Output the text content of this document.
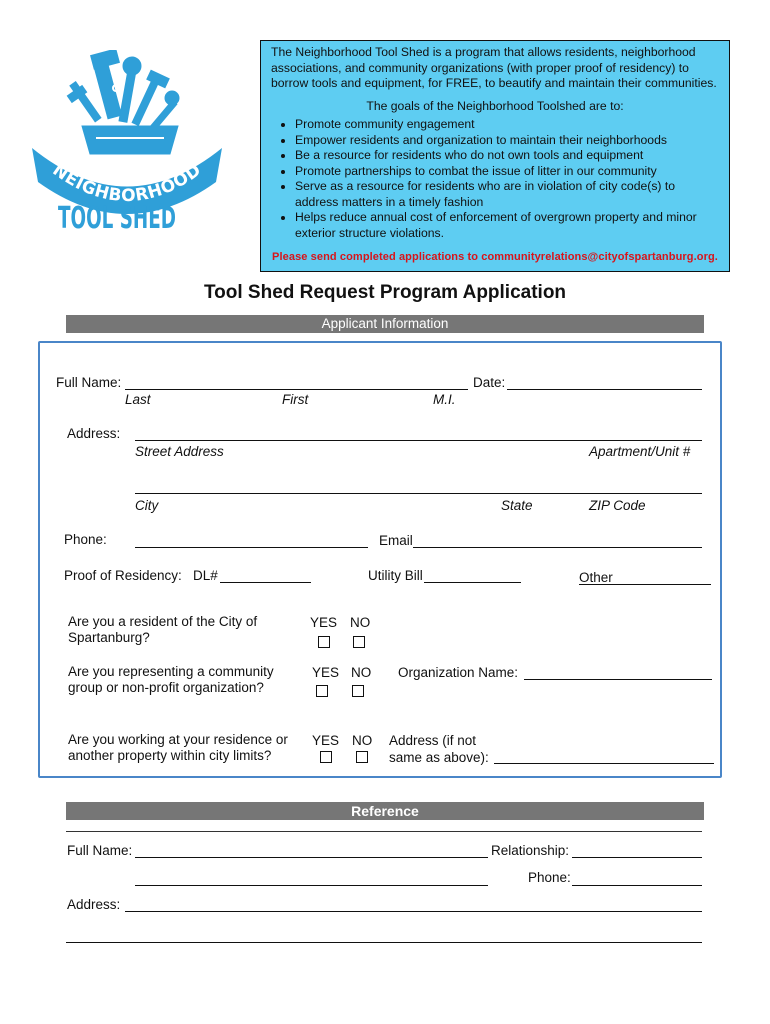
NEIGHBORHOOD
TOOL SHED
The Neighborhood Tool Shed is a program that allows residents, neighborhood associations, and community organizations (with proper proof of residency) to borrow tools and equipment, for FREE, to beautify and maintain their communities.
The goals of the Neighborhood Toolshed are to:
• Promote community engagement
• Empower residents and organization to maintain their neighborhoods
• Be a resource for residents who do not own tools and equipment
• Promote partnerships to combat the issue of litter in our community
• Serve as a resource for residents who are in violation of city code(s) to address matters in a timely fashion
• Helps reduce annual cost of enforcement of overgrown property and minor exterior structure violations.
Please send completed applications to communityrelations@cityofspartanburg.org.
Tool Shed Request Program Application
Applicant Information
Full Name:	Date:
Last	First	M.I.
Address:
Street Address	Apartment/Unit #
City	State	ZIP Code
Phone:	Email
Proof of Residency: DL#	Utility Bill	Other
Are you a resident of the City of Spartanburg?
YES NO
Are you representing a community group or non-profit organization?
YES NO Organization Name:
Are you working at your residence or another property within city limits?
YES NO Address (if not
same as above):
Reference
Full Name:	Relationship:
Phone:
Address:
